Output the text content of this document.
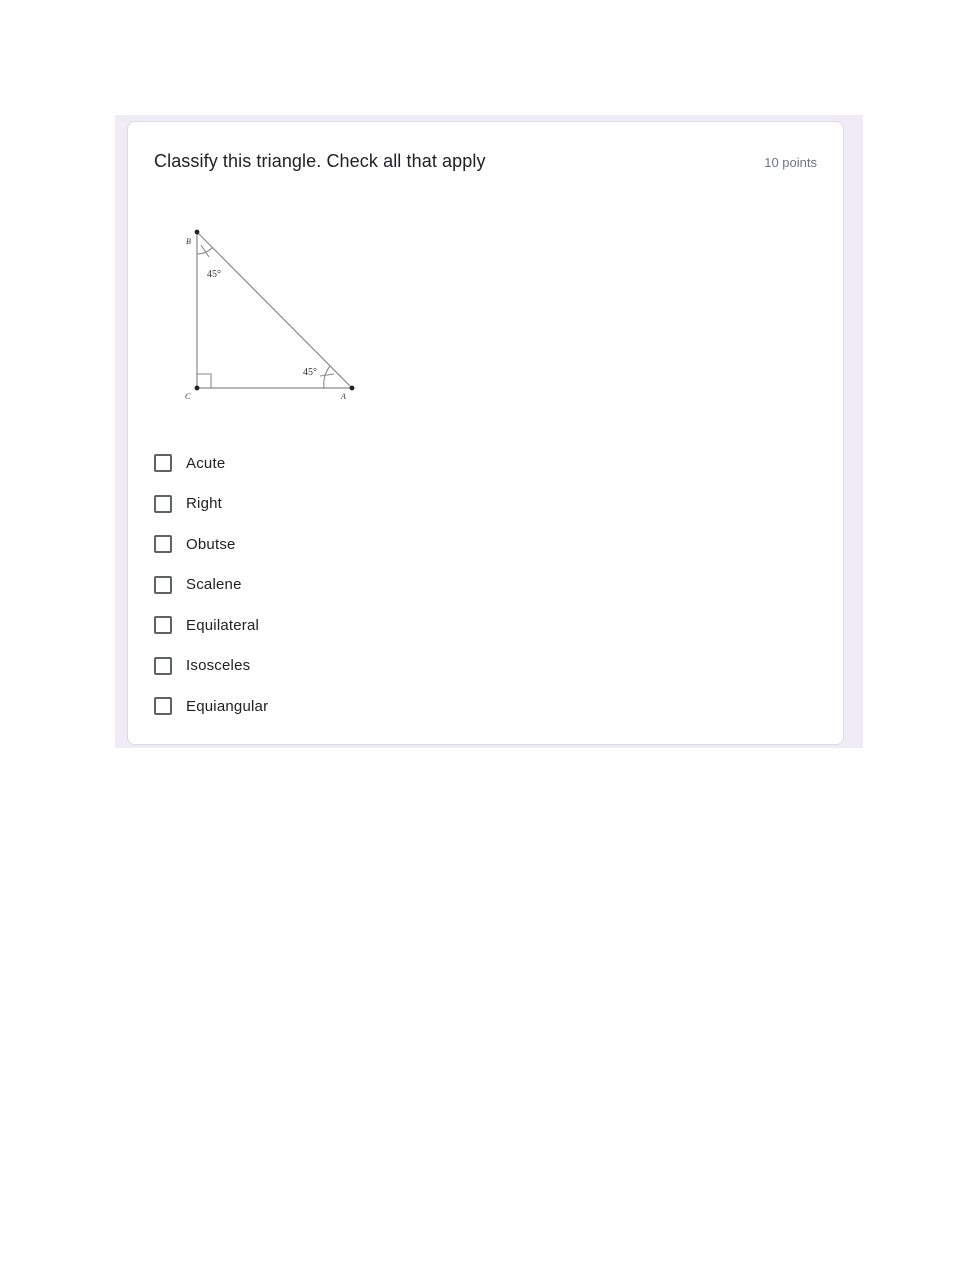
Classify this triangle. Check all that apply	10 points
B
C	A
45°
45°
Acute
Right
Obutse
Scalene
Equilateral
Isosceles
Equiangular
